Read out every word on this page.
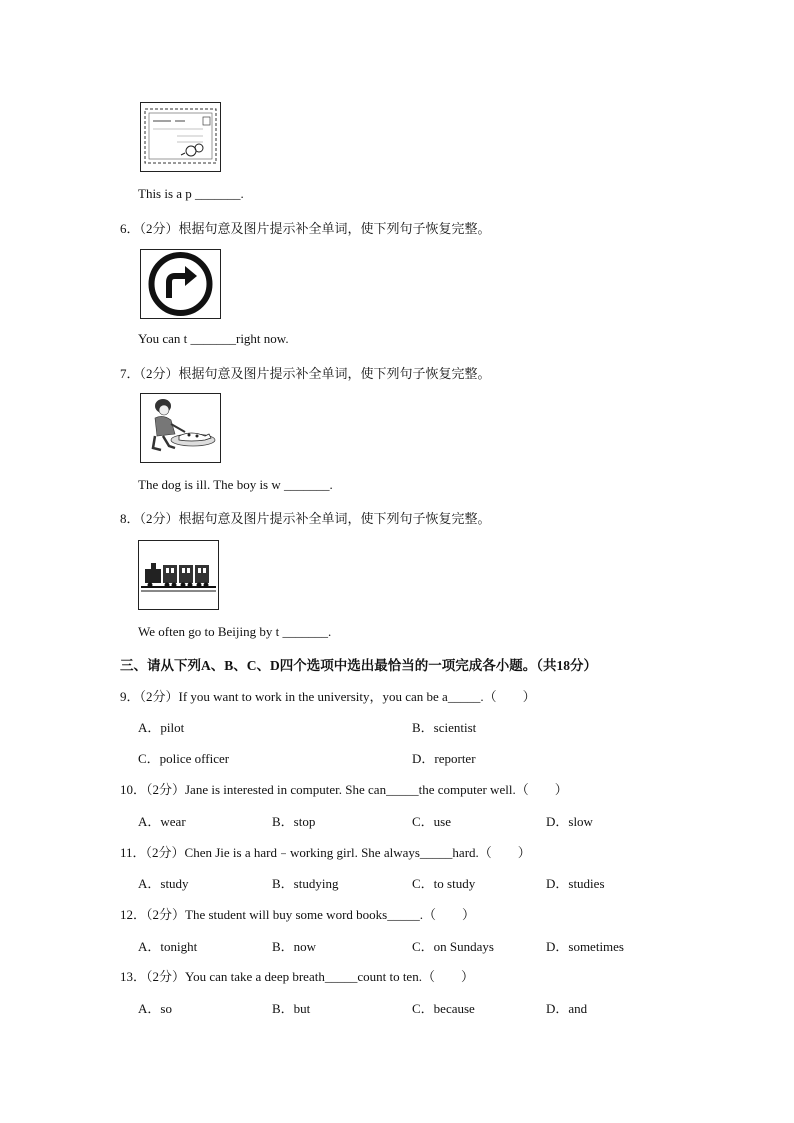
This is a p _______.
6．（2分）根据句意及图片提示补全单词，使下列句子恢复完整。
You can t _______right now.
7．（2分）根据句意及图片提示补全单词，使下列句子恢复完整。
The dog is ill. The boy is w _______.
8．（2分）根据句意及图片提示补全单词，使下列句子恢复完整。
We often go to Beijing by t _______.
三、请从下列A、B、C、D四个选项中选出最恰当的一项完成各小题。（共18分）
9．（2分）If you want to work in the university，you can be a_____.（　　）
A．pilot	B．scientist
C．police officer	D．reporter
10．（2分）Jane is interested in computer. She can_____the computer well.（　　）
A．wear	B．stop	C．use	D．slow
11．（2分）Chen Jie is a hard﹣working girl. She always_____hard.（　　）
A．study	B．studying	C．to study	D．studies
12．（2分）The student will buy some word books_____.（　　）
A．tonight	B．now	C．on Sundays	D．sometimes
13．（2分）You can take a deep breath_____count to ten.（　　）
A．so	B．but	C．because	D．and
